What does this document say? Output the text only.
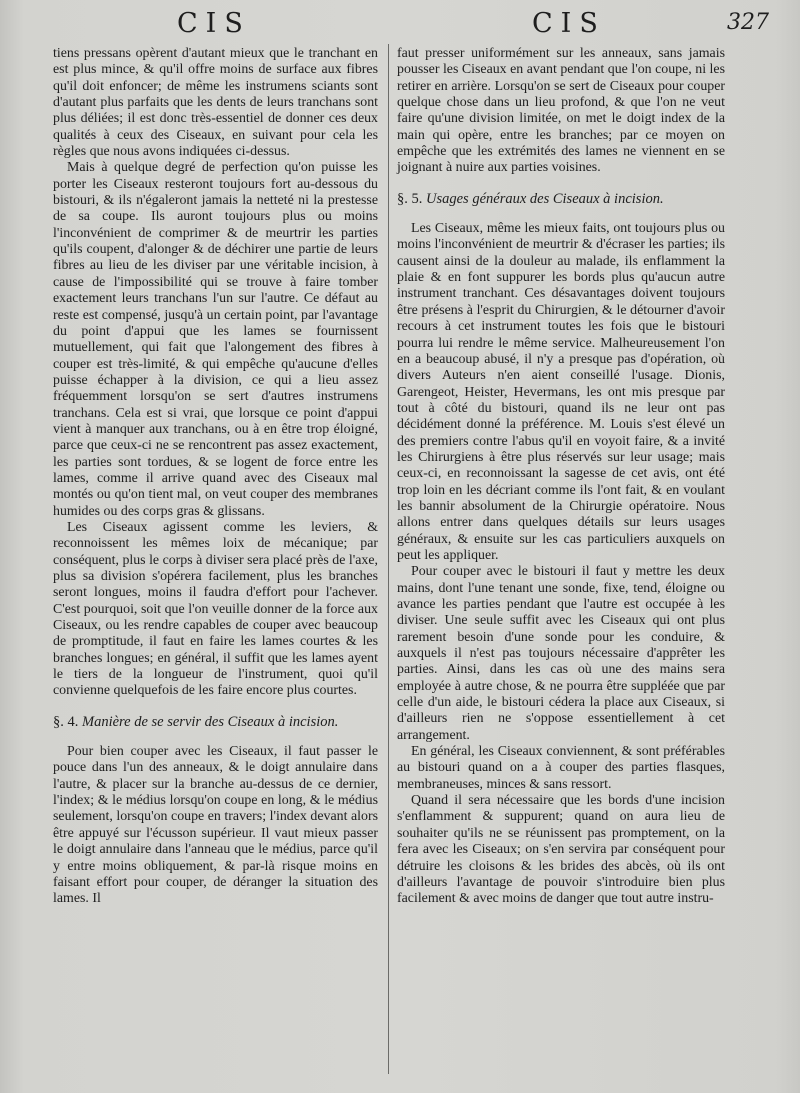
CIS	CIS	327

tiens pressans opèrent d'autant mieux que le tranchant en est plus mince, & qu'il offre moins de surface aux fibres qu'il doit enfoncer; de même les instrumens sciants sont d'autant plus parfaits que les dents de leurs tranchans sont plus déliées; il est donc très-essentiel de donner ces deux qualités à ceux des Ciseaux, en suivant pour cela les règles que nous avons indiquées ci-dessus.

Mais à quelque degré de perfection qu'on puisse les porter les Ciseaux resteront toujours fort au-dessous du bistouri, & ils n'égaleront jamais la netteté ni la prestesse de sa coupe. Ils auront toujours plus ou moins l'inconvénient de comprimer & de meurtrir les parties qu'ils coupent, d'alonger & de déchirer une partie de leurs fibres au lieu de les diviser par une véritable incision, à cause de l'impossibilité qui se trouve à faire tomber exactement leurs tranchans l'un sur l'autre. Ce défaut au reste est compensé, jusqu'à un certain point, par l'avantage du point d'appui que les lames se fournissent mutuellement, qui fait que l'alongement des fibres à couper est très-limité, & qui empêche qu'aucune d'elles puisse échapper à la division, ce qui a lieu assez fréquemment lorsqu'on se sert d'autres instrumens tranchans. Cela est si vrai, que lorsque ce point d'appui vient à manquer aux tranchans, ou à en être trop éloigné, parce que ceux-ci ne se rencontrent pas assez exactement, les parties sont tordues, & se logent de force entre les lames, comme il arrive quand avec des Ciseaux mal montés ou qu'on tient mal, on veut couper des membranes humides ou des corps gras & glissans.

Les Ciseaux agissent comme les leviers, & reconnoissent les mêmes loix de mécanique; par conséquent, plus le corps à diviser sera placé près de l'axe, plus sa division s'opérera facilement, plus les branches seront longues, moins il faudra d'effort pour l'achever. C'est pourquoi, soit que l'on veuille donner de la force aux Ciseaux, ou les rendre capables de couper avec beaucoup de promptitude, il faut en faire les lames courtes & les branches longues; en général, il suffit que les lames ayent le tiers de la longueur de l'instrument, quoi qu'il convienne quelquefois de les faire encore plus courtes.

§. 4. Manière de se servir des Ciseaux à incision.

Pour bien couper avec les Ciseaux, il faut passer le pouce dans l'un des anneaux, & le doigt annulaire dans l'autre, & placer sur la branche au-dessus de ce dernier, l'index; & le médius lorsqu'on coupe en long, & le médius seulement, lorsqu'on coupe en travers; l'index devant alors être appuyé sur l'écusson supérieur. Il vaut mieux passer le doigt annulaire dans l'anneau que le médius, parce qu'il y entre moins obliquement, & par-là risque moins en faisant effort pour couper, de déranger la situation des lames. Il

faut presser uniformément sur les anneaux, sans jamais pousser les Ciseaux en avant pendant que l'on coupe, ni les retirer en arrière. Lorsqu'on se sert de Ciseaux pour couper quelque chose dans un lieu profond, & que l'on ne veut faire qu'une division limitée, on met le doigt index de la main qui opère, entre les branches; par ce moyen on empêche que les extrémités des lames ne viennent en se joignant à nuire aux parties voisines.

§. 5. Usages généraux des Ciseaux à incision.

Les Ciseaux, même les mieux faits, ont toujours plus ou moins l'inconvénient de meurtrir & d'écraser les parties; ils causent ainsi de la douleur au malade, ils enflamment la plaie & en font suppurer les bords plus qu'aucun autre instrument tranchant. Ces désavantages doivent toujours être présens à l'esprit du Chirurgien, & le détourner d'avoir recours à cet instrument toutes les fois que le bistouri pourra lui rendre le même service. Malheureusement l'on en a beaucoup abusé, il n'y a presque pas d'opération, où divers Auteurs n'en aient conseillé l'usage. Dionis, Garengeot, Heister, Hevermans, les ont mis presque par tout à côté du bistouri, quand ils ne leur ont pas décidément donné la préférence. M. Louis s'est élevé un des premiers contre l'abus qu'il en voyoit faire, & a invité les Chirurgiens à être plus réservés sur leur usage; mais ceux-ci, en reconnoissant la sagesse de cet avis, ont été trop loin en les décriant comme ils l'ont fait, & en voulant les bannir absolument de la Chirurgie opératoire. Nous allons entrer dans quelques détails sur leurs usages généraux, & ensuite sur les cas particuliers auxquels on peut les appliquer.

Pour couper avec le bistouri il faut y mettre les deux mains, dont l'une tenant une sonde, fixe, tend, éloigne ou avance les parties pendant que l'autre est occupée à les diviser. Une seule suffit avec les Ciseaux qui ont plus rarement besoin d'une sonde pour les conduire, & auxquels il n'est pas toujours nécessaire d'apprêter les parties. Ainsi, dans les cas où une des mains sera employée à autre chose, & ne pourra être suppléée que par celle d'un aide, le bistouri cédera la place aux Ciseaux, si d'ailleurs rien ne s'oppose essentiellement à cet arrangement.

En général, les Ciseaux conviennent, & sont préférables au bistouri quand on a à couper des parties flasques, membraneuses, minces & sans ressort.

Quand il sera nécessaire que les bords d'une incision s'enflamment & suppurent; quand on aura lieu de souhaiter qu'ils ne se réunissent pas promptement, on la fera avec les Ciseaux; on s'en servira par conséquent pour détruire les cloisons & les brides des abcès, où ils ont d'ailleurs l'avantage de pouvoir s'introduire bien plus facilement & avec moins de danger que tout autre instru-
